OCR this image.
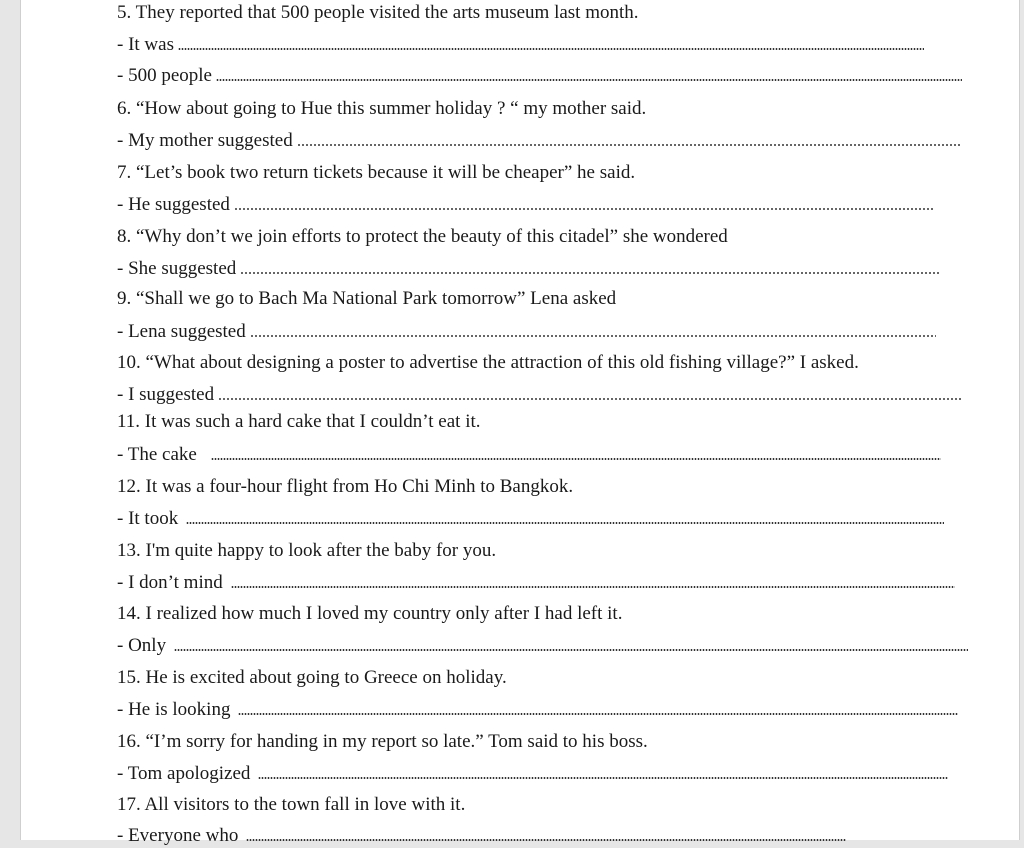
5. They reported that 500 people visited the arts museum last month.
- It was
- 500 people
6. “How about going to Hue this summer holiday ? “ my mother said.
- My mother suggested
7. “Let’s book two return tickets because it will be cheaper” he said.
- He suggested
8. “Why don’t we join efforts to protect the beauty of this citadel” she wondered
- She suggested
9. “Shall we go to Bach Ma National Park tomorrow” Lena asked
- Lena suggested
10. “What about designing a poster to advertise the attraction of this old fishing village?” I asked.
- I suggested
11. It was such a hard cake that I couldn’t eat it.
- The cake
12. It was a four-hour flight from Ho Chi Minh to Bangkok.
- It took
13. I'm quite happy to look after the baby for you.
- I don’t mind
14. I realized how much I loved my country only after I had left it.
- Only
15. He is excited about going to Greece on holiday.
- He is looking
16. “I’m sorry for handing in my report so late.” Tom said to his boss.
- Tom apologized
17. All visitors to the town fall in love with it.
- Everyone who
